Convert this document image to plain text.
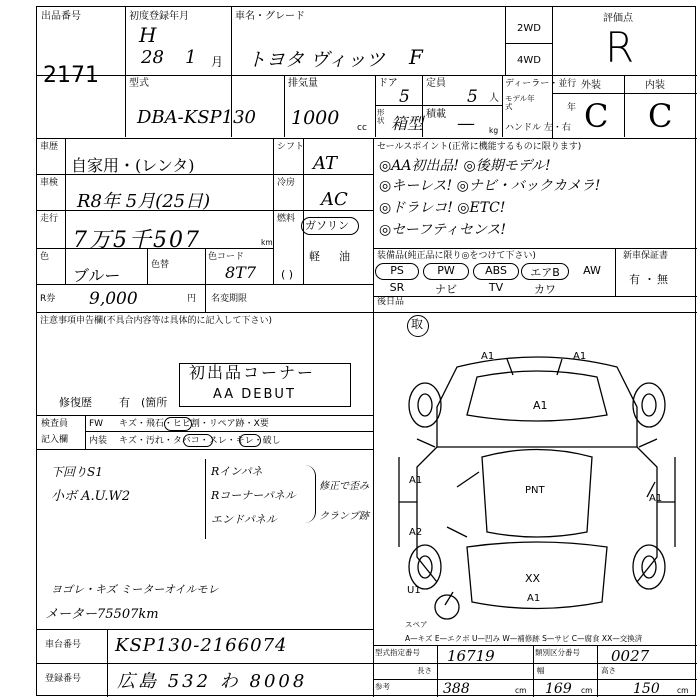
出品番号
2171
初度登録年月
H
28 1 月
車名・グレード
トヨタ ヴィッツ F
2WD
4WD
評価点
R
型式
DBA-KSP130
排気量
1000 cc
ドア
5
定員
5 人
形状 箱型 積載 — kg
ディーラー・並行
モデル年式	年
ハンドル 左・右
外装	内装
C C
車歴
自家用・(レンタ)
シフト
AT
車検
R8年 5月(25日)
冷房
AC
走行
7万5千507	km
燃料 ガソリン
軽 油
色
ブルー
色替
色コード
8T7 ( )
R券 9,000	円 名変期限	後日品
セールスポイント(正常に機能するものに限ります)
◎AA初出品! ◎後期モデル!
◎キーレス! ◎ナビ・バックカメラ!
◎ドラレコ! ◎ETC!
◎セーフティセンス!
装備品(純正品に限り◎をつけて下さい)	新車保証書
有 ・ 無
PS	PW	ABS	エアB	AW
SR	ナビ	TV	カワ
取
注意事項申告欄(不具合内容等は具体的に記入して下さい)
初出品コーナー
AA DEBUT
修復歴 有 (箇所
検査員
記入欄
FW キズ・飛石・ヒビ割・リペア跡・X要
内装 キズ・汚れ・タバコ・スレ・キレ・破し
下回りS1
小ボ A.U.W2
Rインパネ
Rコーナーパネル
エンドパネル
修正で歪み
クランプ跡
ヨゴレ・キズ ミーターオイルモレ
メーター75507km
A1	A1
A1
A1
A1
A2
PNT
XX
U1
A1
スペア
A—キズ E—エクボ U—凹み W—補修跡 S—サビ C—腐食 XX—交換済
車台番号 KSP130-2166074
登録番号 広島 532 わ 8008
型式指定番号 16719	類別区分番号 0027
参考
長さ
388	cm
幅
169 cm
高さ
150 cm
